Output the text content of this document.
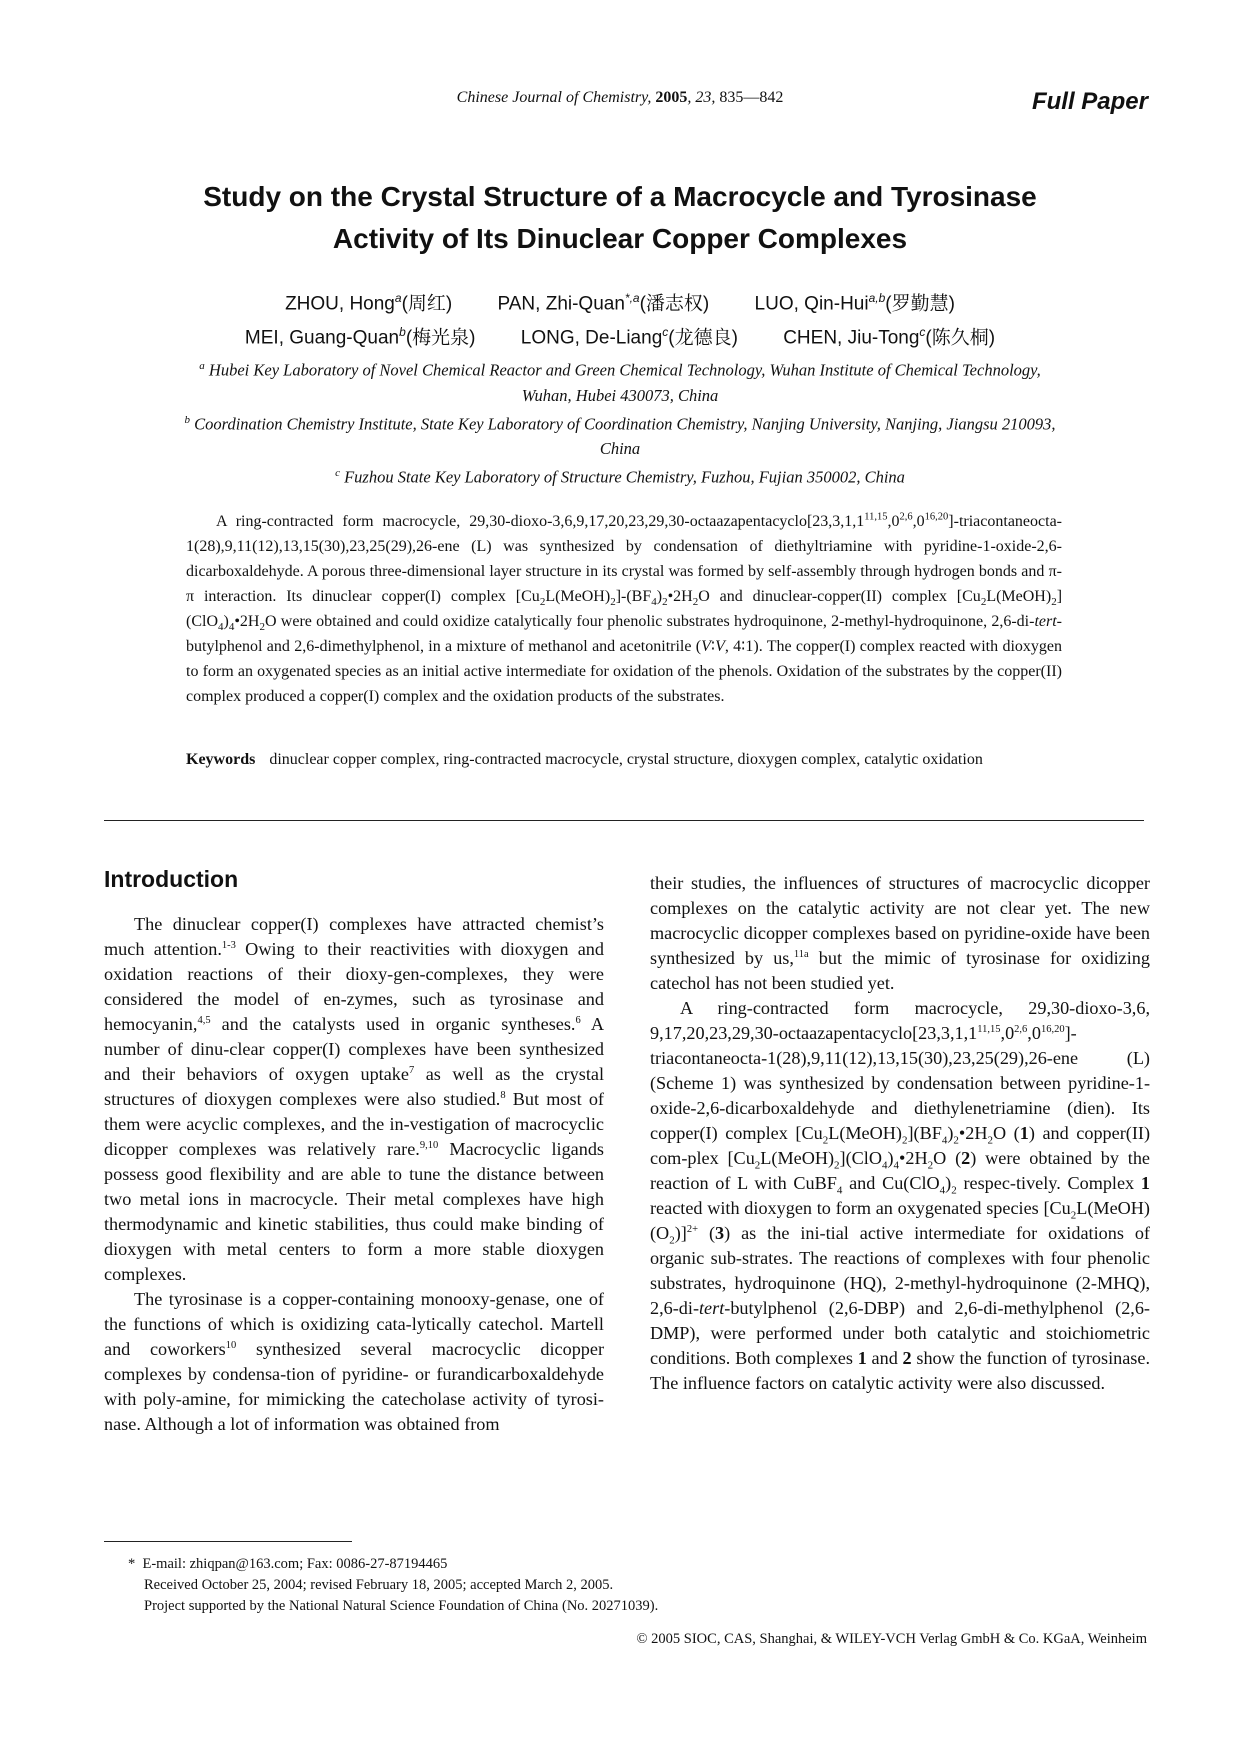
Chinese Journal of Chemistry, 2005, 23, 835—842	Full Paper
Study on the Crystal Structure of a Macrocycle and Tyrosinase
Activity of Its Dinuclear Copper Complexes
ZHOU, Hong$^a$(周红) PAN, Zhi-Quan$^{*,a}$(潘志权) LUO, Qin-Hui$^{a,b}$(罗勤慧)
MEI, Guang-Quan$^b$(梅光泉) LONG, De-Liang$^c$(龙德良) CHEN, Jiu-Tong$^c$(陈久桐)
$^a$ Hubei Key Laboratory of Novel Chemical Reactor and Green Chemical Technology, Wuhan Institute of Chemical Technology, Wuhan, Hubei 430073, China
$^b$ Coordination Chemistry Institute, State Key Laboratory of Coordination Chemistry, Nanjing University, Nanjing, Jiangsu 210093, China
$^c$ Fuzhou State Key Laboratory of Structure Chemistry, Fuzhou, Fujian 350002, China

A ring-contracted form macrocycle, 29,30-dioxo-3,6,9,17,20,23,29,30-octaazapentacyclo[23,3,1,1$^{11,15}$,0$^{2,6}$,0$^{16,20}$]-triacontaneocta-1(28),9,11(12),13,15(30),23,25(29),26-ene (L) was synthesized by condensation of diethyltriamine with pyridine-1-oxide-2,6-dicarboxaldehyde. A porous three-dimensional layer structure in its crystal was formed by self-assembly through hydrogen bonds and π-π interaction. Its dinuclear copper(I) complex $[Cu_2L(MeOH)_2]-(BF_4)_2•2H_2O$ and dinuclear-copper(II) complex $[Cu_2L(MeOH)_2](ClO_4)_4•2H_2O$ were obtained and could oxidize catalytically four phenolic substrates hydroquinone, 2-methyl-hydroquinone, 2,6-di-tert-butylphenol and 2,6-dimethylphenol, in a mixture of methanol and acetonitrile (V∶V, 4∶1). The copper(I) complex reacted with dioxygen to form an oxygenated species as an initial active intermediate for oxidation of the phenols. Oxidation of the substrates by the copper(II) complex produced a copper(I) complex and the oxidation products of the substrates.

Keywords dinuclear copper complex, ring-contracted macrocycle, crystal structure, dioxygen complex, catalytic oxidation
Introduction

The dinuclear copper(I) complexes have attracted chemist’s much attention.$^{1-3}$ Owing to their reactivities with dioxygen and oxidation reactions of their dioxy-gen-complexes, they were considered the model of en-zymes, such as tyrosinase and hemocyanin,$^{4,5}$ and the catalysts used in organic syntheses.$^6$ A number of dinu-clear copper(I) complexes have been synthesized and their behaviors of oxygen uptake$^7$ as well as the crystal structures of dioxygen complexes were also studied.$^8$ But most of them were acyclic complexes, and the in-vestigation of macrocyclic dicopper complexes was relatively rare.$^{9,10}$ Macrocyclic ligands possess good flexibility and are able to tune the distance between two metal ions in macrocycle. Their metal complexes have high thermodynamic and kinetic stabilities, thus could make binding of dioxygen with metal centers to form a more stable dioxygen complexes.

The tyrosinase is a copper-containing monooxy-genase, one of the functions of which is oxidizing cata-lytically catechol. Martell and coworkers$^{10}$ synthesized several macrocyclic dicopper complexes by condensa-tion of pyridine- or furandicarboxaldehyde with poly-amine, for mimicking the catecholase activity of tyrosi-nase. Although a lot of information was obtained from

their studies, the influences of structures of macrocyclic dicopper complexes on the catalytic activity are not clear yet. The new macrocyclic dicopper complexes based on pyridine-oxide have been synthesized by us,$^{11a}$ but the mimic of tyrosinase for oxidizing catechol has not been studied yet.

A ring-contracted form macrocycle, 29,30-dioxo-3,6, 9,17,20,23,29,30-octaazapentacyclo[23,3,1,1$^{11,15}$,0$^{2,6}$,0$^{16,20}$]-triacontaneocta-1(28),9,11(12),13,15(30),23,25(29),26-ene (L) (Scheme 1) was synthesized by condensation between pyridine-1-oxide-2,6-dicarboxaldehyde and diethylenetriamine (dien). Its copper(I) complex $[Cu_2L(MeOH)_2](BF_4)_2•2H_2O$ (1) and copper(II) com-plex $[Cu_2L(MeOH)_2](ClO_4)_4•2H_2O$ (2) were obtained by the reaction of L with CuBF$_4$ and $Cu(ClO_4)_2$ respec-tively. Complex 1 reacted with dioxygen to form an oxygenated species $[Cu_2L(MeOH)(O_2)]^{2+}$ (3) as the ini-tial active intermediate for oxidations of organic sub-strates. The reactions of complexes with four phenolic substrates, hydroquinone (HQ), 2-methyl-hydroquinone (2-MHQ), 2,6-di-tert-butylphenol (2,6-DBP) and 2,6-di-methylphenol (2,6-DMP), were performed under both catalytic and stoichiometric conditions. Both complexes 1 and 2 show the function of tyrosinase. The influence factors on catalytic activity were also discussed.

*  E-mail: zhiqpan@163.com; Fax: 0086-27-87194465
Received October 25, 2004; revised February 18, 2005; accepted March 2, 2005.
Project supported by the National Natural Science Foundation of China (No. 20271039).
© 2005 SIOC, CAS, Shanghai, & WILEY-VCH Verlag GmbH & Co. KGaA, Weinheim
